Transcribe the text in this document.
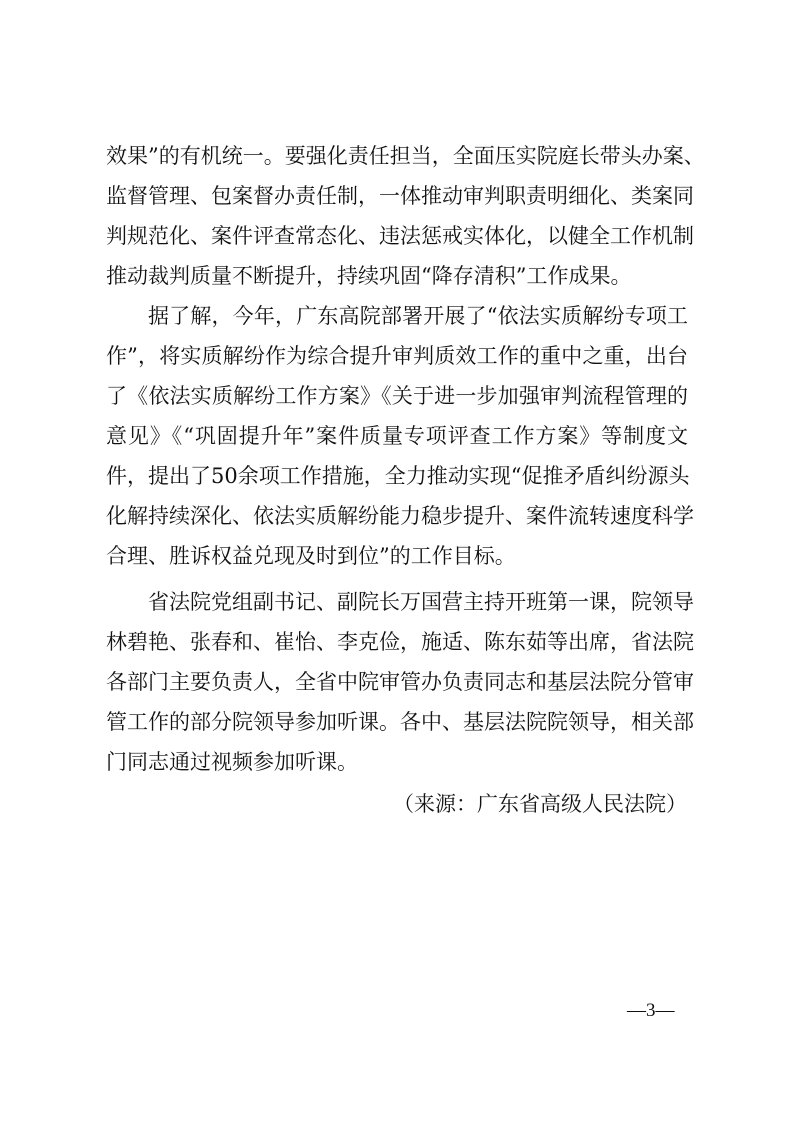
效果”的有机统一。要强化责任担当，全面压实院庭长带头办案、
监督管理、包案督办责任制，一体推动审判职责明细化、类案同
判规范化、案件评查常态化、违法惩戒实体化，以健全工作机制
推动裁判质量不断提升，持续巩固“降存清积”工作成果。
据了解，今年，广东高院部署开展了“依法实质解纷专项工
作”，将实质解纷作为综合提升审判质效工作的重中之重，出台
了《依法实质解纷工作方案》《关于进一步加强审判流程管理的
意见》《“巩固提升年”案件质量专项评查工作方案》等制度文
件，提出了50余项工作措施，全力推动实现“促推矛盾纠纷源头
化解持续深化、依法实质解纷能力稳步提升、案件流转速度科学
合理、胜诉权益兑现及时到位”的工作目标。
省法院党组副书记、副院长万国营主持开班第一课，院领导
林碧艳、张春和、崔怡、李克俭，施适、陈东茹等出席，省法院
各部门主要负责人，全省中院审管办负责同志和基层法院分管审
管工作的部分院领导参加听课。各中、基层法院院领导，相关部
门同志通过视频参加听课。
（来源：广东省高级人民法院）
—3—
